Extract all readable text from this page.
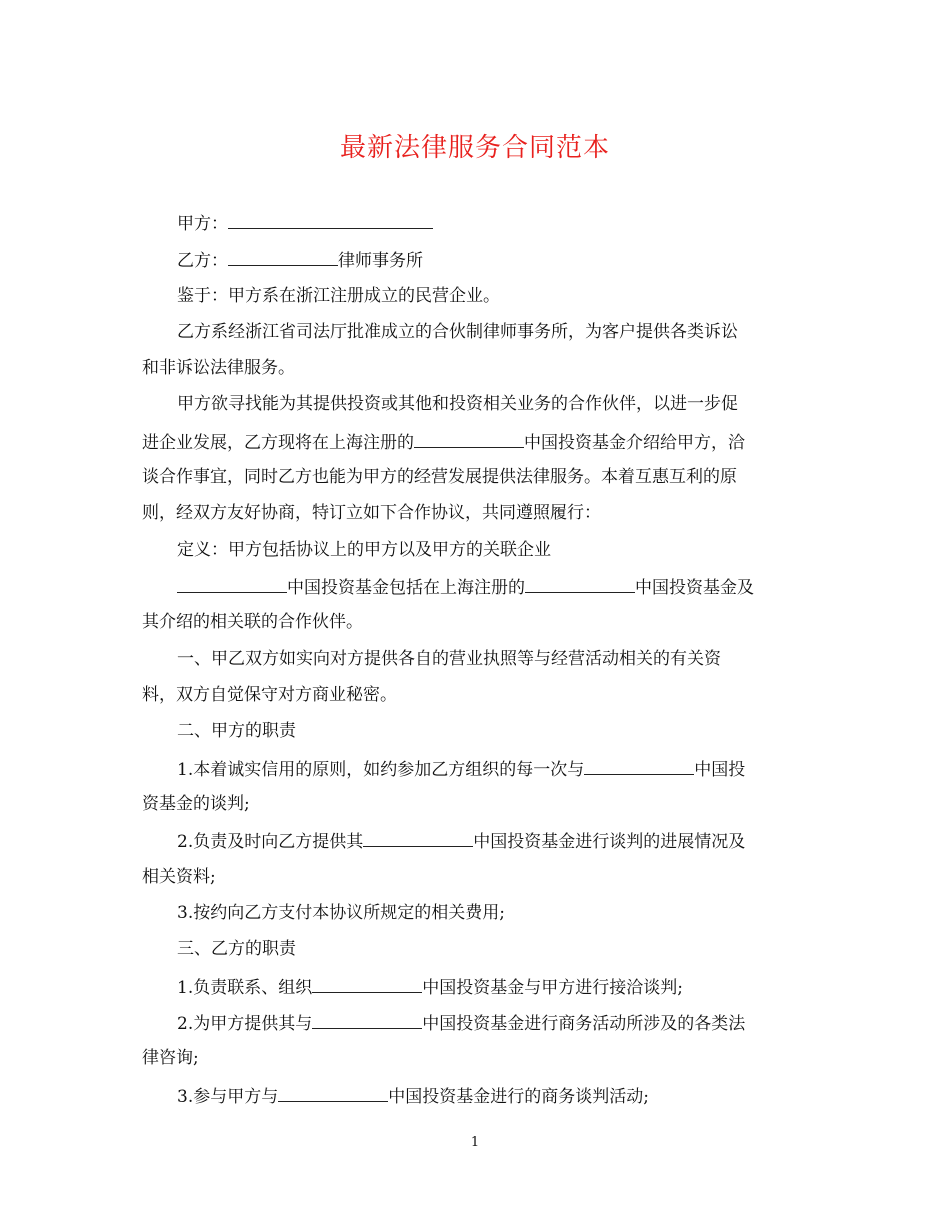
最新法律服务合同范本
甲方：
乙方：	律师事务所
鉴于：甲方系在浙江注册成立的民营企业。
乙方系经浙江省司法厅批准成立的合伙制律师事务所，为客户提供各类诉讼
和非诉讼法律服务。
甲方欲寻找能为其提供投资或其他和投资相关业务的合作伙伴，以进一步促
进企业发展，乙方现将在上海注册的	中国投资基金介绍给甲方，洽
谈合作事宜，同时乙方也能为甲方的经营发展提供法律服务。本着互惠互利的原
则，经双方友好协商，特订立如下合作协议，共同遵照履行：
定义：甲方包括协议上的甲方以及甲方的关联企业
中国投资基金包括在上海注册的	中国投资基金及
其介绍的相关联的合作伙伴。
一、甲乙双方如实向对方提供各自的营业执照等与经营活动相关的有关资
料，双方自觉保守对方商业秘密。
二、甲方的职责
1.本着诚实信用的原则，如约参加乙方组织的每一次与	中国投
资基金的谈判;
2.负责及时向乙方提供其	中国投资基金进行谈判的进展情况及
相关资料;
3.按约向乙方支付本协议所规定的相关费用;
三、乙方的职责
1.负责联系、组织	中国投资基金与甲方进行接洽谈判;
2.为甲方提供其与	中国投资基金进行商务活动所涉及的各类法
律咨询;
3.参与甲方与	中国投资基金进行的商务谈判活动;
1
